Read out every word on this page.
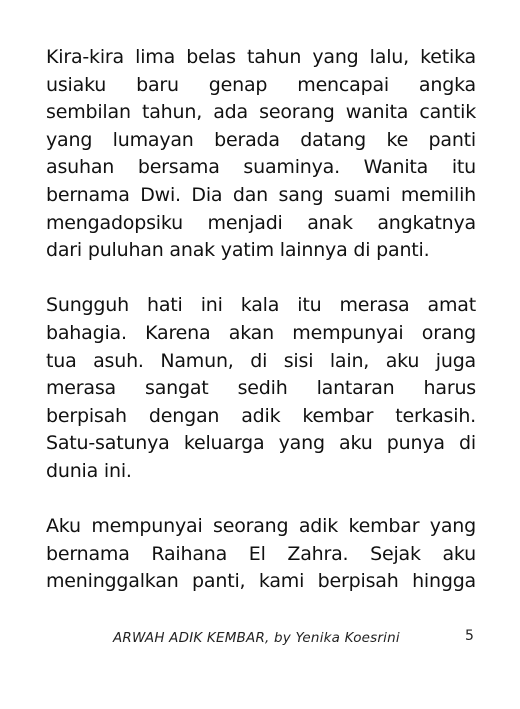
Kira-kira lima belas tahun yang lalu, ketika
usiaku baru genap mencapai angka
sembilan tahun, ada seorang wanita cantik
yang lumayan berada datang ke panti
asuhan bersama suaminya. Wanita itu
bernama Dwi. Dia dan sang suami memilih
mengadopsiku menjadi anak angkatnya
dari puluhan anak yatim lainnya di panti.
Sungguh hati ini kala itu merasa amat
bahagia. Karena akan mempunyai orang
tua asuh. Namun, di sisi lain, aku juga
merasa sangat sedih lantaran harus
berpisah dengan adik kembar terkasih.
Satu-satunya keluarga yang aku punya di
dunia ini.
Aku mempunyai seorang adik kembar yang
bernama Raihana El Zahra. Sejak aku
meninggalkan panti, kami berpisah hingga
ARWAH ADIK KEMBAR, by Yenika Koesrini	5
